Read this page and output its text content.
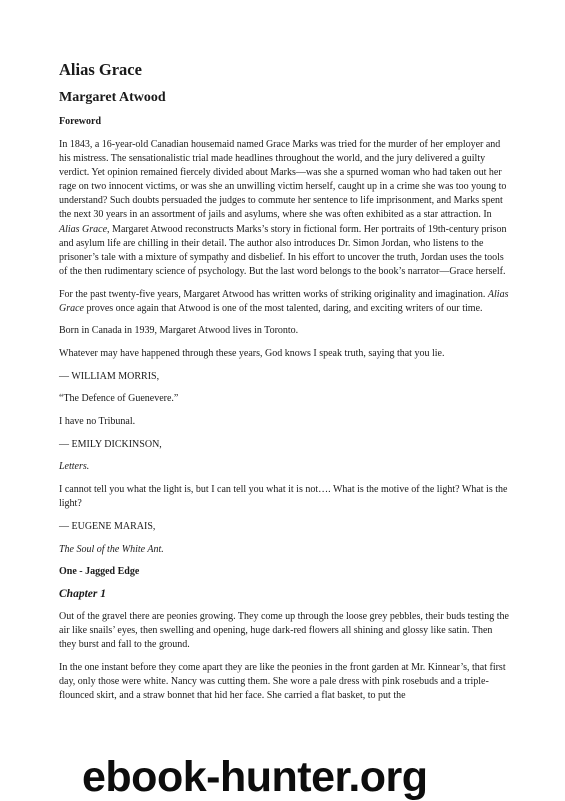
Alias Grace
Margaret Atwood
Foreword

In 1843, a 16-year-old Canadian housemaid named Grace Marks was tried for the murder of her employer and his mistress. The sensationalistic trial made headlines throughout the world, and the jury delivered a guilty verdict. Yet opinion remained fiercely divided about Marks—was she a spurned woman who had taken out her rage on two innocent victims, or was she an unwilling victim herself, caught up in a crime she was too young to understand? Such doubts persuaded the judges to commute her sentence to life imprisonment, and Marks spent the next 30 years in an assortment of jails and asylums, where she was often exhibited as a star attraction. In Alias Grace, Margaret Atwood reconstructs Marks’s story in fictional form. Her portraits of 19th-century prison and asylum life are chilling in their detail. The author also introduces Dr. Simon Jordan, who listens to the prisoner’s tale with a mixture of sympathy and disbelief. In his effort to uncover the truth, Jordan uses the tools of the then rudimentary science of psychology. But the last word belongs to the book’s narrator—Grace herself.

For the past twenty-five years, Margaret Atwood has written works of striking originality and imagination. Alias Grace proves once again that Atwood is one of the most talented, daring, and exciting writers of our time.

Born in Canada in 1939, Margaret Atwood lives in Toronto.

Whatever may have happened through these years, God knows I speak truth, saying that you lie.

— WILLIAM MORRIS,

“The Defence of Guenevere.”

I have no Tribunal.

— EMILY DICKINSON,

Letters.

I cannot tell you what the light is, but I can tell you what it is not…. What is the motive of the light? What is the light?

— EUGENE MARAIS,

The Soul of the White Ant.

One - Jagged Edge
Chapter 1

Out of the gravel there are peonies growing. They come up through the loose grey pebbles, their buds testing the air like snails’ eyes, then swelling and opening, huge dark-red flowers all shining and glossy like satin. Then they burst and fall to the ground.

In the one instant before they come apart they are like the peonies in the front garden at Mr. Kinnear’s, that first day, only those were white. Nancy was cutting them. She wore a pale dress with pink rosebuds and a triple-flounced skirt, and a straw bonnet that hid her face. She carried a flat basket, to put the

ebook-hunter.org
